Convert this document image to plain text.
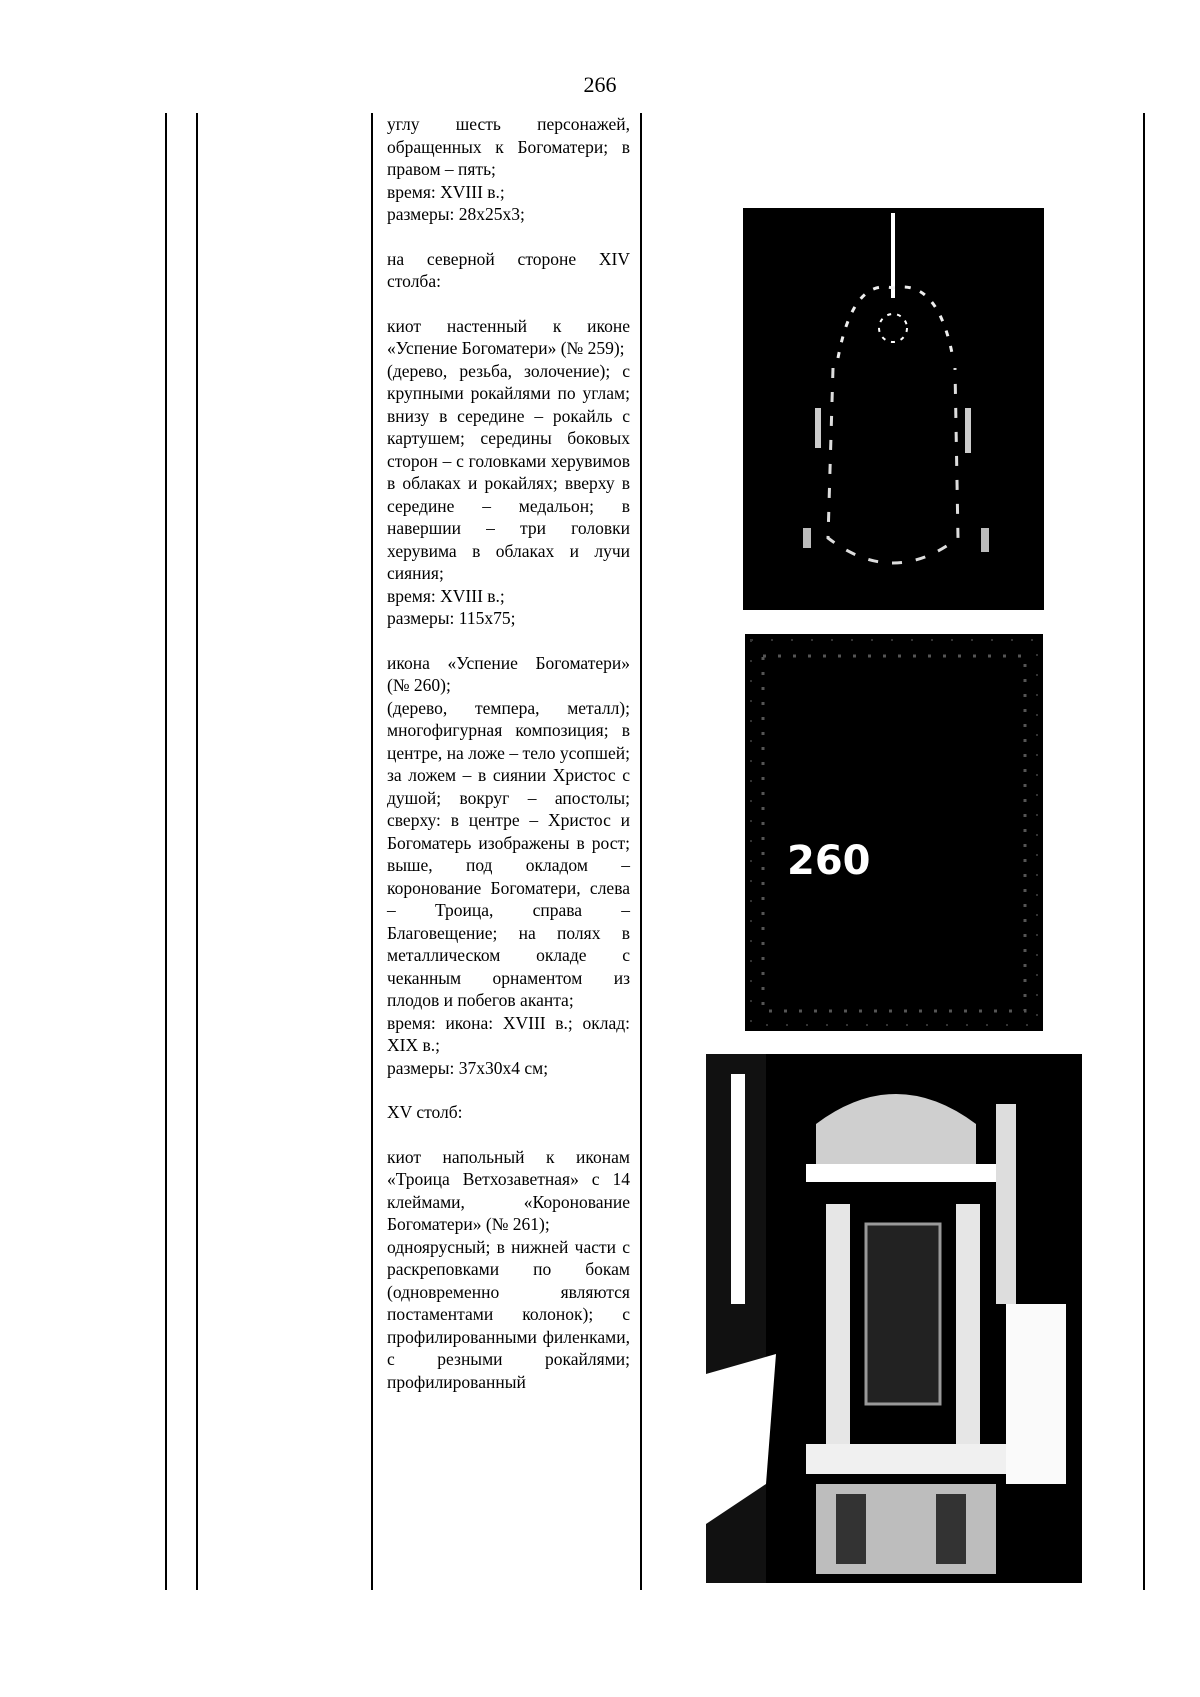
266

углу шесть персонажей, обращенных к Богоматери; в правом – пять;

время: XVIII в.;

размеры: 28х25х3;

на северной стороне XIV столба:

киот настенный к иконе «Успение Богоматери» (№ 259);

(дерево, резьба, золочение); с крупными рокайлями по углам; внизу в середине – рокайль с картушем; середины боковых сторон – с головками херувимов в облаках и рокайлях; вверху в середине – медальон; в навершии – три головки херувима в облаках и лучи сияния;

время: XVIII в.;

размеры: 115х75;

икона «Успение Богоматери» (№ 260);

(дерево, темпера, металл); многофигурная композиция; в центре, на ложе – тело усопшей; за ложем – в сиянии Христос с душой; вокруг – апостолы; сверху: в центре – Христос и Богоматерь изображены в рост; выше, под окладом – коронование Богоматери, слева – Троица, справа – Благовещение; на полях в металлическом окладе с чеканным орнаментом из плодов и побегов аканта;

время: икона: XVIII в.; оклад: XIX в.;

размеры: 37х30х4 см;

XV столб:

киот напольный к иконам «Троица Ветхозаветная» с 14 клеймами, «Коронование Богоматери» (№ 261);

одноярусный; в нижней части с раскреповками по бокам (одновременно являются постаментами колонок); с профилированными филенками, с резными рокайлями; профилированный

260
